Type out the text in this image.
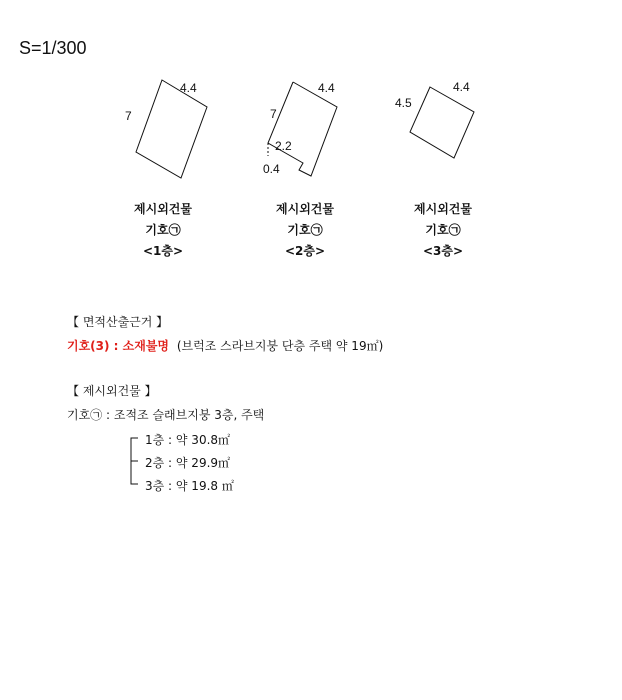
S=1/300
7
4.4
7
4.4
2.2
0.4
4.5
4.4
제시외건물
기호㉠
<1층>
제시외건물
기호㉠
<2층>
제시외건물
기호㉠
<3층>
【 면적산출근거 】
기호(3) : 소재불명 (브럭조 스라브지붕 단층 주택 약 19㎡)
【 제시외건물 】
기호㉠ : 조적조 슬래브지붕 3층, 주택
1층 : 약 30.8㎡
2층 : 약 29.9㎡
3층 : 약 19.8 ㎡
